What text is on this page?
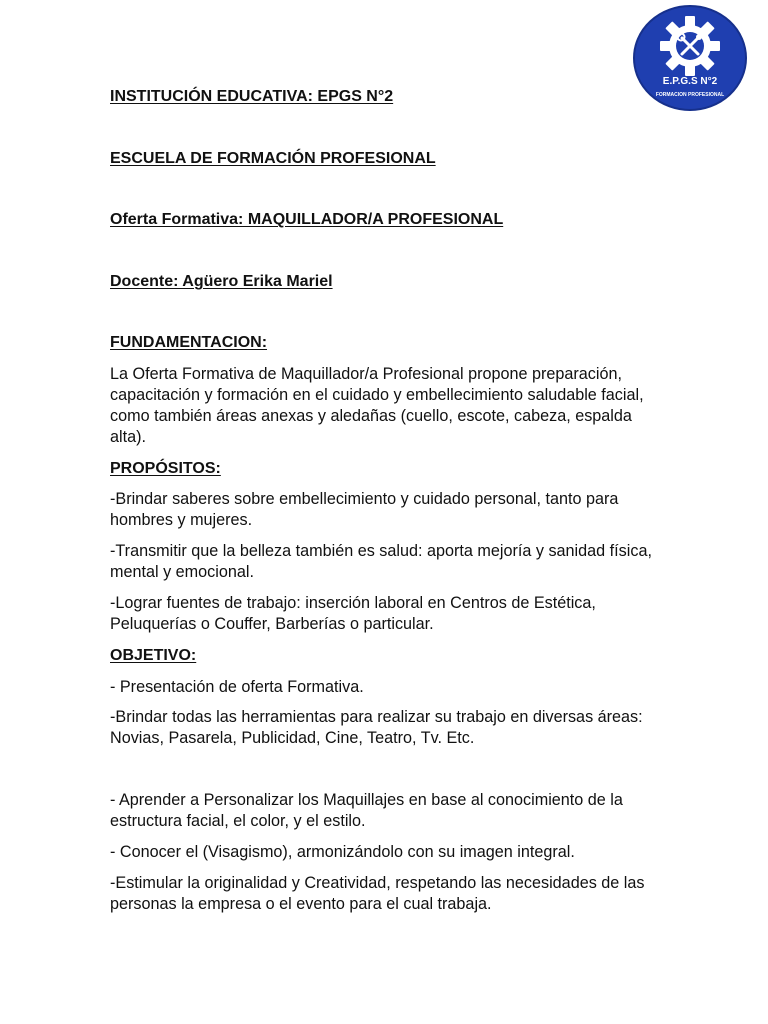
E.P.G.S N°2
FORMACION PROFESIONAL
INSTITUCIÓN EDUCATIVA: EPGS N°2
ESCUELA DE FORMACIÓN PROFESIONAL
Oferta Formativa: MAQUILLADOR/A PROFESIONAL
Docente: Agüero Erika Mariel
FUNDAMENTACION:

La Oferta Formativa de Maquillador/a Profesional propone preparación, capacitación y formación en el cuidado y embellecimiento saludable facial, como también áreas anexas y aledañas (cuello, escote, cabeza, espalda alta).

PROPÓSITOS:

-Brindar saberes sobre embellecimiento y cuidado personal, tanto para hombres y mujeres.

-Transmitir que la belleza también es salud: aporta mejoría y sanidad física, mental y emocional.

-Lograr fuentes de trabajo: inserción laboral en Centros de Estética, Peluquerías o Couffer, Barberías o particular.

OBJETIVO:

- Presentación de oferta Formativa.

-Brindar todas las herramientas para realizar su trabajo en diversas áreas: Novias, Pasarela, Publicidad, Cine, Teatro, Tv. Etc.

- Aprender a Personalizar los Maquillajes en base al conocimiento de la estructura facial, el color, y el estilo.

- Conocer el (Visagismo), armonizándolo con su imagen integral.

-Estimular la originalidad y Creatividad, respetando las necesidades de las personas la empresa o el evento para el cual trabaja.
